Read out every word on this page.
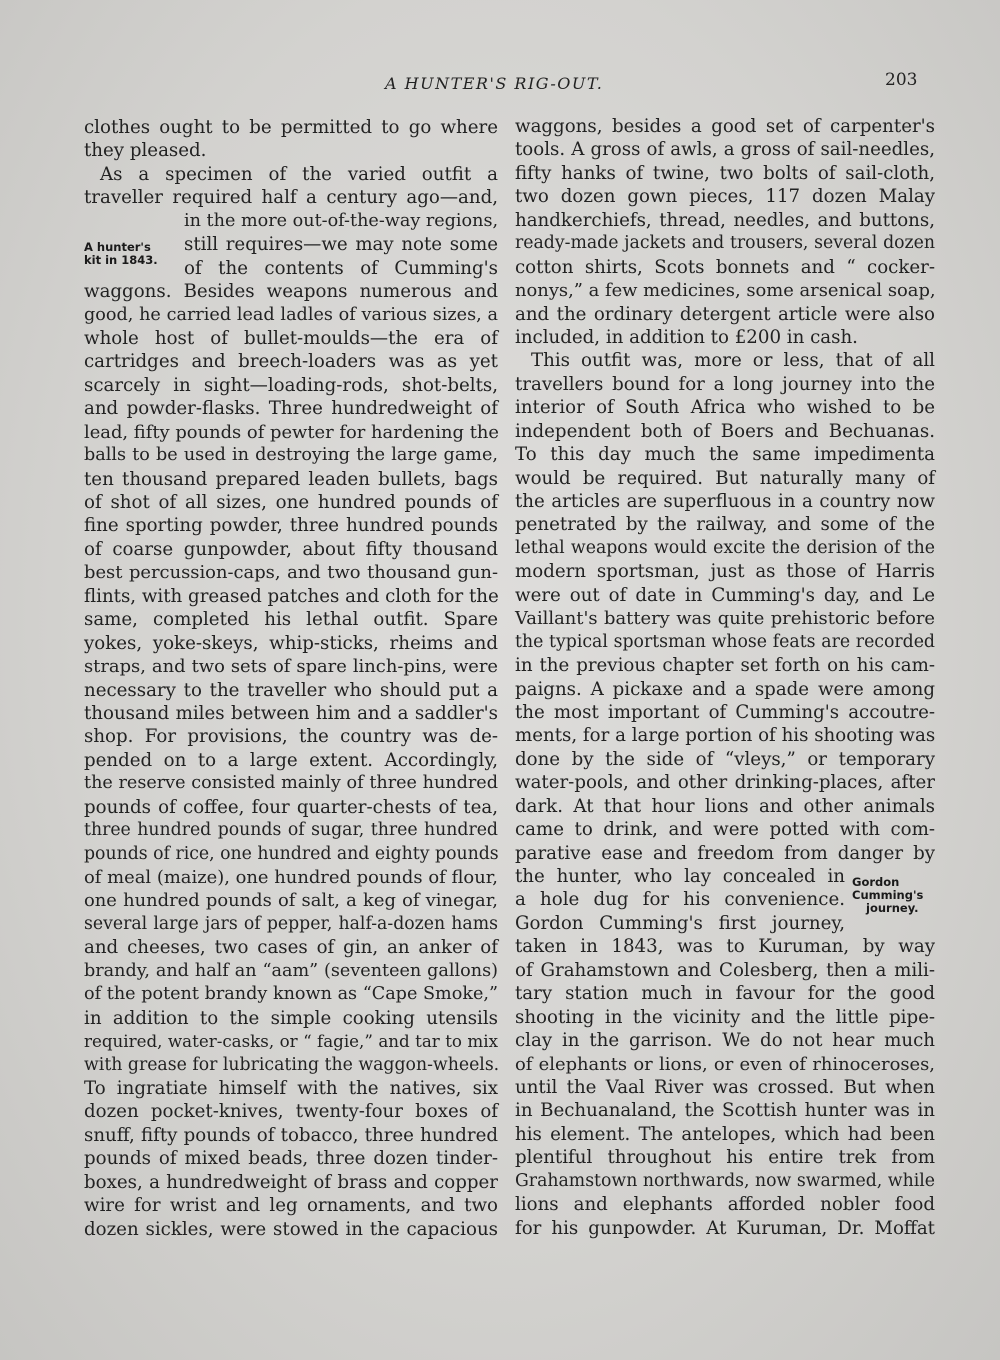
A HUNTER'S RIG-OUT.	203
A hunter's
kit in 1843.
Gordon
Cumming's
journey.
clothes ought to be permitted to go where
they pleased.
As a specimen of the varied outfit a
traveller required half a century ago—and,
in the more out-of-the-way regions,
still requires—we may note some
of the contents of Cumming's
waggons. Besides weapons numerous and
good, he carried lead ladles of various sizes, a
whole host of bullet-moulds—the era of
cartridges and breech-loaders was as yet
scarcely in sight—loading-rods, shot-belts,
and powder-flasks. Three hundredweight of
lead, fifty pounds of pewter for hardening the
balls to be used in destroying the large game,
ten thousand prepared leaden bullets, bags
of shot of all sizes, one hundred pounds of
fine sporting powder, three hundred pounds
of coarse gunpowder, about fifty thousand
best percussion-caps, and two thousand gun-
flints, with greased patches and cloth for the
same, completed his lethal outfit. Spare
yokes, yoke-skeys, whip-sticks, rheims and
straps, and two sets of spare linch-pins, were
necessary to the traveller who should put a
thousand miles between him and a saddler's
shop. For provisions, the country was de-
pended on to a large extent. Accordingly,
the reserve consisted mainly of three hundred
pounds of coffee, four quarter-chests of tea,
three hundred pounds of sugar, three hundred
pounds of rice, one hundred and eighty pounds
of meal (maize), one hundred pounds of flour,
one hundred pounds of salt, a keg of vinegar,
several large jars of pepper, half-a-dozen hams
and cheeses, two cases of gin, an anker of
brandy, and half an “aam” (seventeen gallons)
of the potent brandy known as “Cape Smoke,”
in addition to the simple cooking utensils
required, water-casks, or “ fagie,” and tar to mix
with grease for lubricating the waggon-wheels.
To ingratiate himself with the natives, six
dozen pocket-knives, twenty-four boxes of
snuff, fifty pounds of tobacco, three hundred
pounds of mixed beads, three dozen tinder-
boxes, a hundredweight of brass and copper
wire for wrist and leg ornaments, and two
dozen sickles, were stowed in the capacious
waggons, besides a good set of carpenter's
tools. A gross of awls, a gross of sail-needles,
fifty hanks of twine, two bolts of sail-cloth,
two dozen gown pieces, 117 dozen Malay
handkerchiefs, thread, needles, and buttons,
ready-made jackets and trousers, several dozen
cotton shirts, Scots bonnets and “ cocker-
nonys,” a few medicines, some arsenical soap,
and the ordinary detergent article were also
included, in addition to £200 in cash.
This outfit was, more or less, that of all
travellers bound for a long journey into the
interior of South Africa who wished to be
independent both of Boers and Bechuanas.
To this day much the same impedimenta
would be required. But naturally many of
the articles are superfluous in a country now
penetrated by the railway, and some of the
lethal weapons would excite the derision of the
modern sportsman, just as those of Harris
were out of date in Cumming's day, and Le
Vaillant's battery was quite prehistoric before
the typical sportsman whose feats are recorded
in the previous chapter set forth on his cam-
paigns. A pickaxe and a spade were among
the most important of Cumming's accoutre-
ments, for a large portion of his shooting was
done by the side of “vleys,” or temporary
water-pools, and other drinking-places, after
dark. At that hour lions and other animals
came to drink, and were potted with com-
parative ease and freedom from danger by
the hunter, who lay concealed in
a hole dug for his convenience.
Gordon Cumming's first journey,
taken in 1843, was to Kuruman, by way
of Grahamstown and Colesberg, then a mili-
tary station much in favour for the good
shooting in the vicinity and the little pipe-
clay in the garrison. We do not hear much
of elephants or lions, or even of rhinoceroses,
until the Vaal River was crossed. But when
in Bechuanaland, the Scottish hunter was in
his element. The antelopes, which had been
plentiful throughout his entire trek from
Grahamstown northwards, now swarmed, while
lions and elephants afforded nobler food
for his gunpowder. At Kuruman, Dr. Moffat
